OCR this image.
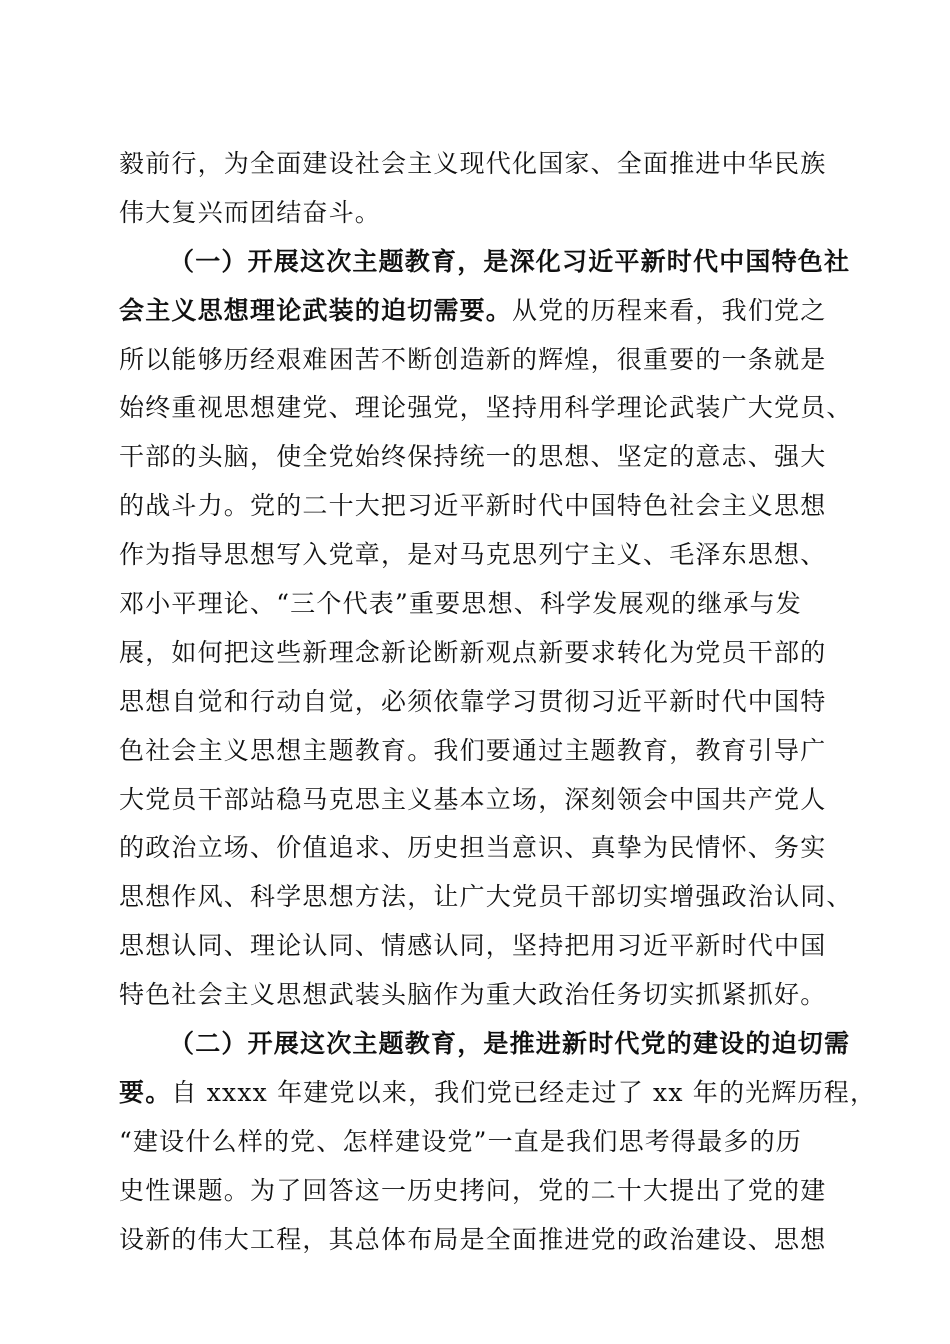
毅前行，为全面建设社会主义现代化国家、全面推进中华民族
伟大复兴而团结奋斗。
（一）开展这次主题教育，是深化习近平新时代中国特色社
会主义思想理论武装的迫切需要。从党的历程来看，我们党之
所以能够历经艰难困苦不断创造新的辉煌，很重要的一条就是
始终重视思想建党、理论强党，坚持用科学理论武装广大党员、
干部的头脑，使全党始终保持统一的思想、坚定的意志、强大
的战斗力。党的二十大把习近平新时代中国特色社会主义思想
作为指导思想写入党章，是对马克思列宁主义、毛泽东思想、
邓小平理论、“三个代表”重要思想、科学发展观的继承与发
展，如何把这些新理念新论断新观点新要求转化为党员干部的
思想自觉和行动自觉，必须依靠学习贯彻习近平新时代中国特
色社会主义思想主题教育。我们要通过主题教育，教育引导广
大党员干部站稳马克思主义基本立场，深刻领会中国共产党人
的政治立场、价值追求、历史担当意识、真挚为民情怀、务实
思想作风、科学思想方法，让广大党员干部切实增强政治认同、
思想认同、理论认同、情感认同，坚持把用习近平新时代中国
特色社会主义思想武装头脑作为重大政治任务切实抓紧抓好。
（二）开展这次主题教育，是推进新时代党的建设的迫切需
要。自 xxxx 年建党以来，我们党已经走过了 xx 年的光辉历程，
“建设什么样的党、怎样建设党”一直是我们思考得最多的历
史性课题。为了回答这一历史拷问，党的二十大提出了党的建
设新的伟大工程，其总体布局是全面推进党的政治建设、思想
